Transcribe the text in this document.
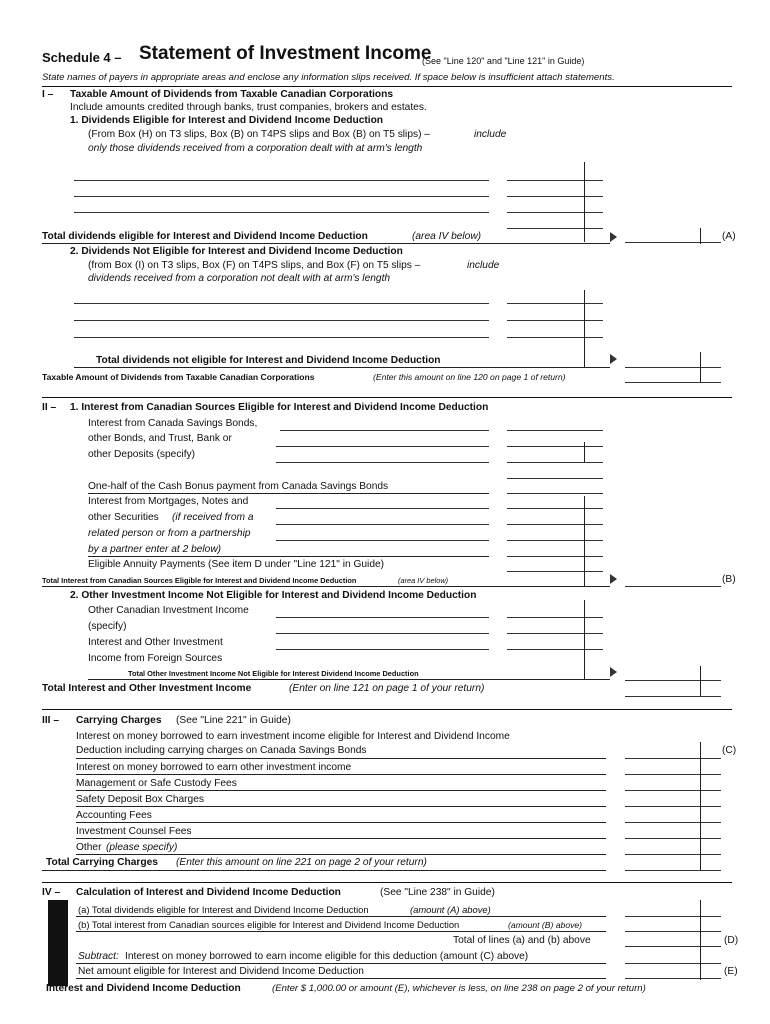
Schedule 4 – Statement of Investment Income
(See "Line 120" and "Line 121" in Guide)
State names of payers in appropriate areas and enclose any information slips received. If space below is insufficient attach statements.
I – Taxable Amount of Dividends from Taxable Canadian Corporations
Include amounts credited through banks, trust companies, brokers and estates.
1. Dividends Eligible for Interest and Dividend Income Deduction
(From Box (H) on T3 slips, Box (B) on T4PS slips and Box (B) on T5 slips) –	include
only those dividends received from a corporation dealt with at arm's length
Total dividends eligible for Interest and Dividend Income Deduction	(area IV below)	(A)
2. Dividends Not Eligible for Interest and Dividend Income Deduction
(from Box (I) on T3 slips, Box (F) on T4PS slips, and Box (F) on T5 slips –	include
dividends received from a corporation not dealt with at arm's length
Total dividends not eligible for Interest and Dividend Income Deduction
Taxable Amount of Dividends from Taxable Canadian Corporations	(Enter this amount on line 120 on page 1 of return)
II – 1. Interest from Canadian Sources Eligible for Interest and Dividend Income Deduction
Interest from Canada Savings Bonds,
other Bonds, and Trust, Bank or
other Deposits (specify)
One-half of the Cash Bonus payment from Canada Savings Bonds
Interest from Mortgages, Notes and
other Securities (if received from a
related person or from a partnership
by a partner enter at 2 below)
Eligible Annuity Payments (See item D under "Line 121" in Guide)
Total Interest from Canadian Sources Eligible for Interest and Dividend Income Deduction	(area IV below)	(B)
2. Other Investment Income Not Eligible for Interest and Dividend Income Deduction
Other Canadian Investment Income
(specify)
Interest and Other Investment
Income from Foreign Sources
Total Other Investment Income Not Eligible for Interest Dividend Income Deduction
Total Interest and Other Investment Income	(Enter on line 121 on page 1 of your return)
III – Carrying Charges (See "Line 221" in Guide)
Interest on money borrowed to earn investment income eligible for Interest and Dividend Income
Deduction including carrying charges on Canada Savings Bonds	(C)
Interest on money borrowed to earn other investment income
Management or Safe Custody Fees
Safety Deposit Box Charges
Accounting Fees
Investment Counsel Fees
Other (please specify)
Total Carrying Charges (Enter this amount on line 221 on page 2 of your return)
IV – Calculation of Interest and Dividend Income Deduction	(See "Line 238" in Guide)
(a) Total dividends eligible for Interest and Dividend Income Deduction	(amount (A) above)
(b) Total interest from Canadian sources eligible for Interest and Dividend Income Deduction	(amount (B) above)
Total of lines (a) and (b) above	(D)
Subtract: Interest on money borrowed to earn income eligible for this deduction (amount (C) above)
Net amount eligible for Interest and Dividend Income Deduction	(E)
Interest and Dividend Income Deduction	(Enter $ 1,000.00 or amount (E), whichever is less, on line 238 on page 2 of your return)
